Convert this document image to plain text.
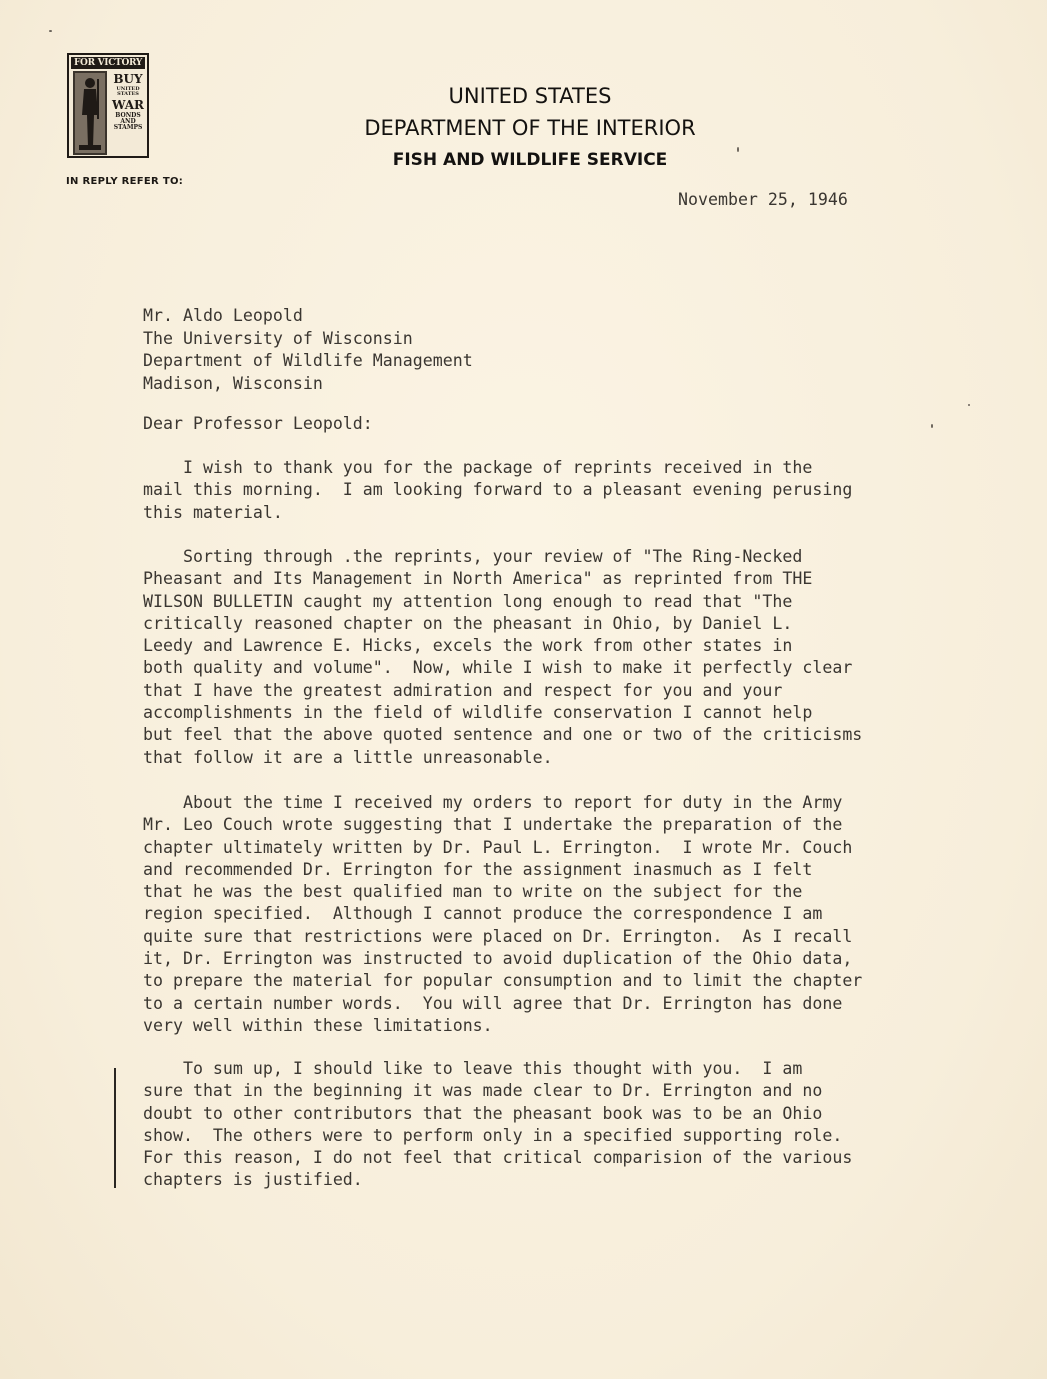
FOR VICTORY
BUY
UNITED STATES
WAR
BONDS AND STAMPS
IN REPLY REFER TO:
UNITED STATES
DEPARTMENT OF THE INTERIOR
FISH AND WILDLIFE SERVICE
November 25, 1946
Mr. Aldo Leopold
The University of Wisconsin
Department of Wildlife Management
Madison, Wisconsin
Dear Professor Leopold:
I wish to thank you for the package of reprints received in the
mail this morning.  I am looking forward to a pleasant evening perusing
this material.
Sorting through .the reprints, your review of "The Ring-Necked
Pheasant and Its Management in North America" as reprinted from THE
WILSON BULLETIN caught my attention long enough to read that "The
critically reasoned chapter on the pheasant in Ohio, by Daniel L.
Leedy and Lawrence E. Hicks, excels the work from other states in
both quality and volume".  Now, while I wish to make it perfectly clear
that I have the greatest admiration and respect for you and your
accomplishments in the field of wildlife conservation I cannot help
but feel that the above quoted sentence and one or two of the criticisms
that follow it are a little unreasonable.
About the time I received my orders to report for duty in the Army
Mr. Leo Couch wrote suggesting that I undertake the preparation of the
chapter ultimately written by Dr. Paul L. Errington.  I wrote Mr. Couch
and recommended Dr. Errington for the assignment inasmuch as I felt
that he was the best qualified man to write on the subject for the
region specified.  Although I cannot produce the correspondence I am
quite sure that restrictions were placed on Dr. Errington.  As I recall
it, Dr. Errington was instructed to avoid duplication of the Ohio data,
to prepare the material for popular consumption and to limit the chapter
to a certain number words.  You will agree that Dr. Errington has done
very well within these limitations.
To sum up, I should like to leave this thought with you.  I am
sure that in the beginning it was made clear to Dr. Errington and no
doubt to other contributors that the pheasant book was to be an Ohio
show.  The others were to perform only in a specified supporting role.
For this reason, I do not feel that critical comparision of the various
chapters is justified.
